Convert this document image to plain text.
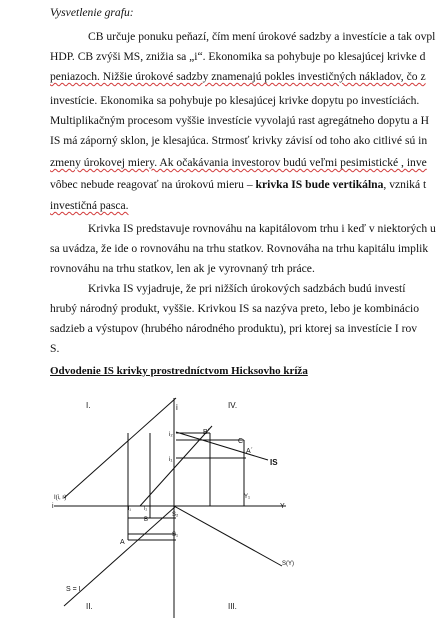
Vysvetlenie grafu:
CB určuje ponuku peňazí, čím mení úrokové sadzby a investície a tak ovpl
HDP. CB zvýši MS, znižia sa „i“. Ekonomika sa pohybuje po klesajúcej krivke d
peniazoch. Nižšie úrokové sadzby znamenajú pokles investičných nákladov, čo z
investície. Ekonomika sa pohybuje po klesajúcej krivke dopytu po investíciách.
Multiplikačným procesom vyššie investície vyvolajú rast agregátneho dopytu a H
IS má záporný sklon, je klesajúca. Strmosť krivky závisí od toho ako citlivé sú in
zmeny úrokovej miery. Ak očakávania investorov budú veľmi pesimistické , inve
vôbec nebude reagovať na úrokovú mieru – krivka IS bude vertikálna, vzniká t
investičná pasca.
Krivka IS predstavuje rovnováhu na kapitálovom trhu i keď v niektorých u
sa uvádza, že ide o rovnováhu na trhu statkov. Rovnováha na trhu kapitálu implik
rovnováhu na trhu statkov, len ak je vyrovnaný trh práce.
Krivka IS vyjadruje, že pri nižších úrokových sadzbách budú investí
hrubý národný produkt, vyššie. Krivkou IS sa nazýva preto, lebo je kombinácio
sadzieb a výstupov (hrubého národného produktu), pri ktorej sa investície I rov
S.
Odvodenie IS krivky prostredníctvom Hicksovho kríža
I.	i	IV.
i₂	B´
C
A´
IS
i₁
I(i, r)	Y₁
i	I₁	I₂	Y
S₂
B
S₁
A
S(Y)
S = I
II.	III.
